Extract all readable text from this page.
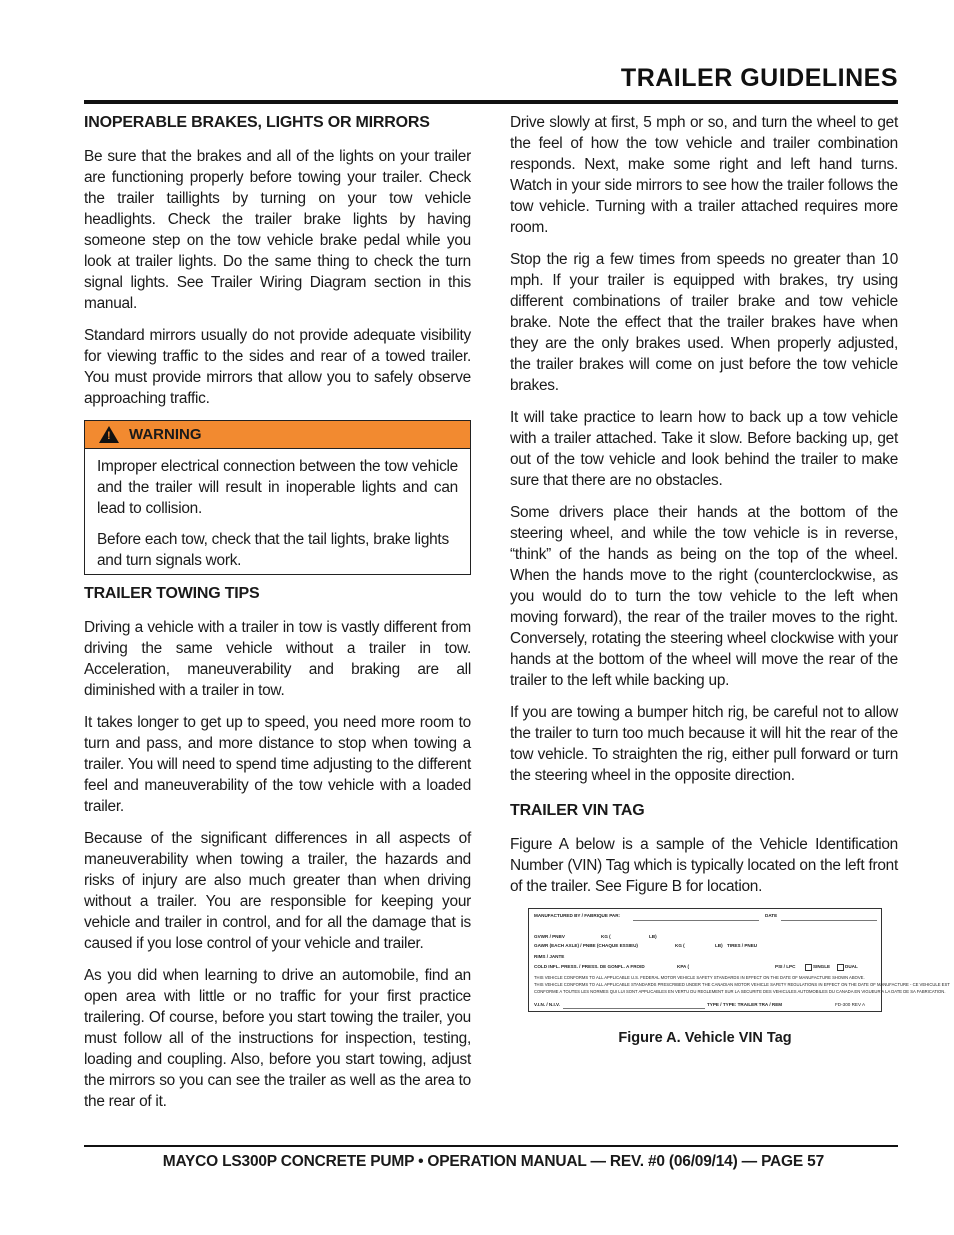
TRAILER GUIDELINES
INOPERABLE BRAKES, LIGHTS OR MIRRORS

Be sure that the brakes and all of the lights on your trailer are functioning properly before towing your trailer. Check the trailer taillights by turning on your tow vehicle headlights. Check the trailer brake lights by having someone step on the tow vehicle brake pedal while you look at trailer lights. Do the same thing to check the turn signal lights. See Trailer Wiring Diagram section in this manual.

Standard mirrors usually do not provide adequate visibility for viewing traffic to the sides and rear of a towed trailer. You must provide mirrors that allow you to safely observe approaching traffic.

! WARNING

Improper electrical connection between the tow vehicle and the trailer will result in inoperable lights and can lead to collision.

Before each tow, check that the tail lights, brake lights and turn signals work.

TRAILER TOWING TIPS

Driving a vehicle with a trailer in tow is vastly different from driving the same vehicle without a trailer in tow. Acceleration, maneuverability and braking are all diminished with a trailer in tow.

It takes longer to get up to speed, you need more room to turn and pass, and more distance to stop when towing a trailer. You will need to spend time adjusting to the different feel and maneuverability of the tow vehicle with a loaded trailer.

Because of the significant differences in all aspects of maneuverability when towing a trailer, the hazards and risks of injury are also much greater than when driving without a trailer. You are responsible for keeping your vehicle and trailer in control, and for all the damage that is caused if you lose control of your vehicle and trailer.

As you did when learning to drive an automobile, find an open area with little or no traffic for your first practice trailering. Of course, before you start towing the trailer, you must follow all of the instructions for inspection, testing, loading and coupling. Also, before you start towing, adjust the mirrors so you can see the trailer as well as the area to the rear of it.

Drive slowly at first, 5 mph or so, and turn the wheel to get the feel of how the tow vehicle and trailer combination responds. Next, make some right and left hand turns. Watch in your side mirrors to see how the trailer follows the tow vehicle. Turning with a trailer attached requires more room.

Stop the rig a few times from speeds no greater than 10 mph. If your trailer is equipped with brakes, try using different combinations of trailer brake and tow vehicle brake. Note the effect that the trailer brakes have when they are the only brakes used. When properly adjusted, the trailer brakes will come on just before the tow vehicle brakes.

It will take practice to learn how to back up a tow vehicle with a trailer attached. Take it slow. Before backing up, get out of the tow vehicle and look behind the trailer to make sure that there are no obstacles.

Some drivers place their hands at the bottom of the steering wheel, and while the tow vehicle is in reverse, “think” of the hands as being on the top of the wheel. When the hands move to the right (counterclockwise, as you would do to turn the tow vehicle to the left when moving forward), the rear of the trailer moves to the right. Conversely, rotating the steering wheel clockwise with your hands at the bottom of the wheel will move the rear of the trailer to the left while backing up.

If you are towing a bumper hitch rig, be careful not to allow the trailer to turn too much because it will hit the rear of the tow vehicle. To straighten the rig, either pull forward or turn the steering wheel in the opposite direction.

TRAILER VIN TAG

Figure A below is a sample of the Vehicle Identification Number (VIN) Tag which is typically located on the left front of the trailer. See Figure B for location.

MANUFACTURED BY / FABRIQUE PAR:	DATE
GVWR / PNBV	KG (	LB)
GAWR (EACH AXLE) / PNBE (CHAQUE ESSIEU)	KG (	LB) TIRES / PNEU
RIMS / JANTE
COLD INFL. PRESS. / PRESS. DE GONFL. A FROID	KPA (	PSI / LPC	SINGLE	DUAL
THIS VEHICLE CONFORMS TO ALL APPLICABLE U.S. FEDERAL MOTOR VEHICLE SAFETY STANDARDS IN EFFECT ON THE DATE OF MANUFACTURE SHOWN ABOVE.
THIS VEHICLE CONFORMS TO ALL APPLICABLE STANDARDS PRESCRIBED UNDER THE CANADIAN MOTOR VEHICLE SAFETY REGULATIONS IN EFFECT ON THE DATE OF MANUFACTURE - CE VEHICULE EST
CONFORME A TOUTES LES NORMES QUI LUI SONT APPLICABLES EN VERTU DU REGLEMENT SUR LA SECURITE DES VEHICULES AUTOMOBILES DU CANADA EN VIGUEUR A LA DATE DE SA FABRICATION.
V.I.N. / N.I.V.	TYPE / TYPE: TRAILER TRA / REM	FD-300 REV A
Figure A. Vehicle VIN Tag
MAYCO LS300P CONCRETE PUMP • OPERATION MANUAL — REV. #0 (06/09/14) — PAGE 57
